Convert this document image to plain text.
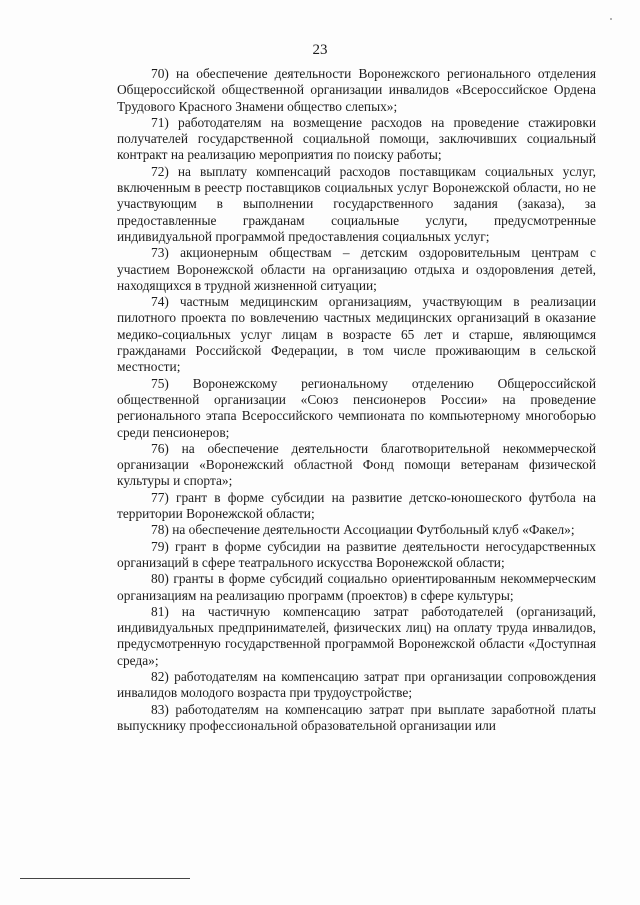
23

70) на обеспечение деятельности Воронежского регионального отделения Общероссийской общественной организации инвалидов «Всероссийское Ордена Трудового Красного Знамени общество слепых»;

71) работодателям на возмещение расходов на проведение стажировки получателей государственной социальной помощи, заключивших социальный контракт на реализацию мероприятия по поиску работы;

72) на выплату компенсаций расходов поставщикам социальных услуг, включенным в реестр поставщиков социальных услуг Воронежской области, но не участвующим в выполнении государственного задания (заказа), за предоставленные гражданам социальные услуги, предусмотренные индивидуальной программой предоставления социальных услуг;

73) акционерным обществам – детским оздоровительным центрам с участием Воронежской области на организацию отдыха и оздоровления детей, находящихся в трудной жизненной ситуации;

74) частным медицинским организациям, участвующим в реализации пилотного проекта по вовлечению частных медицинских организаций в оказание медико-социальных услуг лицам в возрасте 65 лет и старше, являющимся гражданами Российской Федерации, в том числе проживающим в сельской местности;

75) Воронежскому региональному отделению Общероссийской общественной организации «Союз пенсионеров России» на проведение регионального этапа Всероссийского чемпионата по компьютерному многоборью среди пенсионеров;

76) на обеспечение деятельности благотворительной некоммерческой организации «Воронежский областной Фонд помощи ветеранам физической культуры и спорта»;

77) грант в форме субсидии на развитие детско-юношеского футбола на территории Воронежской области;

78) на обеспечение деятельности Ассоциации Футбольный клуб «Факел»;

79) грант в форме субсидии на развитие деятельности негосударственных организаций в сфере театрального искусства Воронежской области;

80) гранты в форме субсидий социально ориентированным некоммерческим организациям на реализацию программ (проектов) в сфере культуры;

81) на частичную компенсацию затрат работодателей (организаций, индивидуальных предпринимателей, физических лиц) на оплату труда инвалидов, предусмотренную государственной программой Воронежской области «Доступная среда»;

82) работодателям на компенсацию затрат при организации сопровождения инвалидов молодого возраста при трудоустройстве;

83) работодателям на компенсацию затрат при выплате заработной платы выпускнику профессиональной образовательной организации или
